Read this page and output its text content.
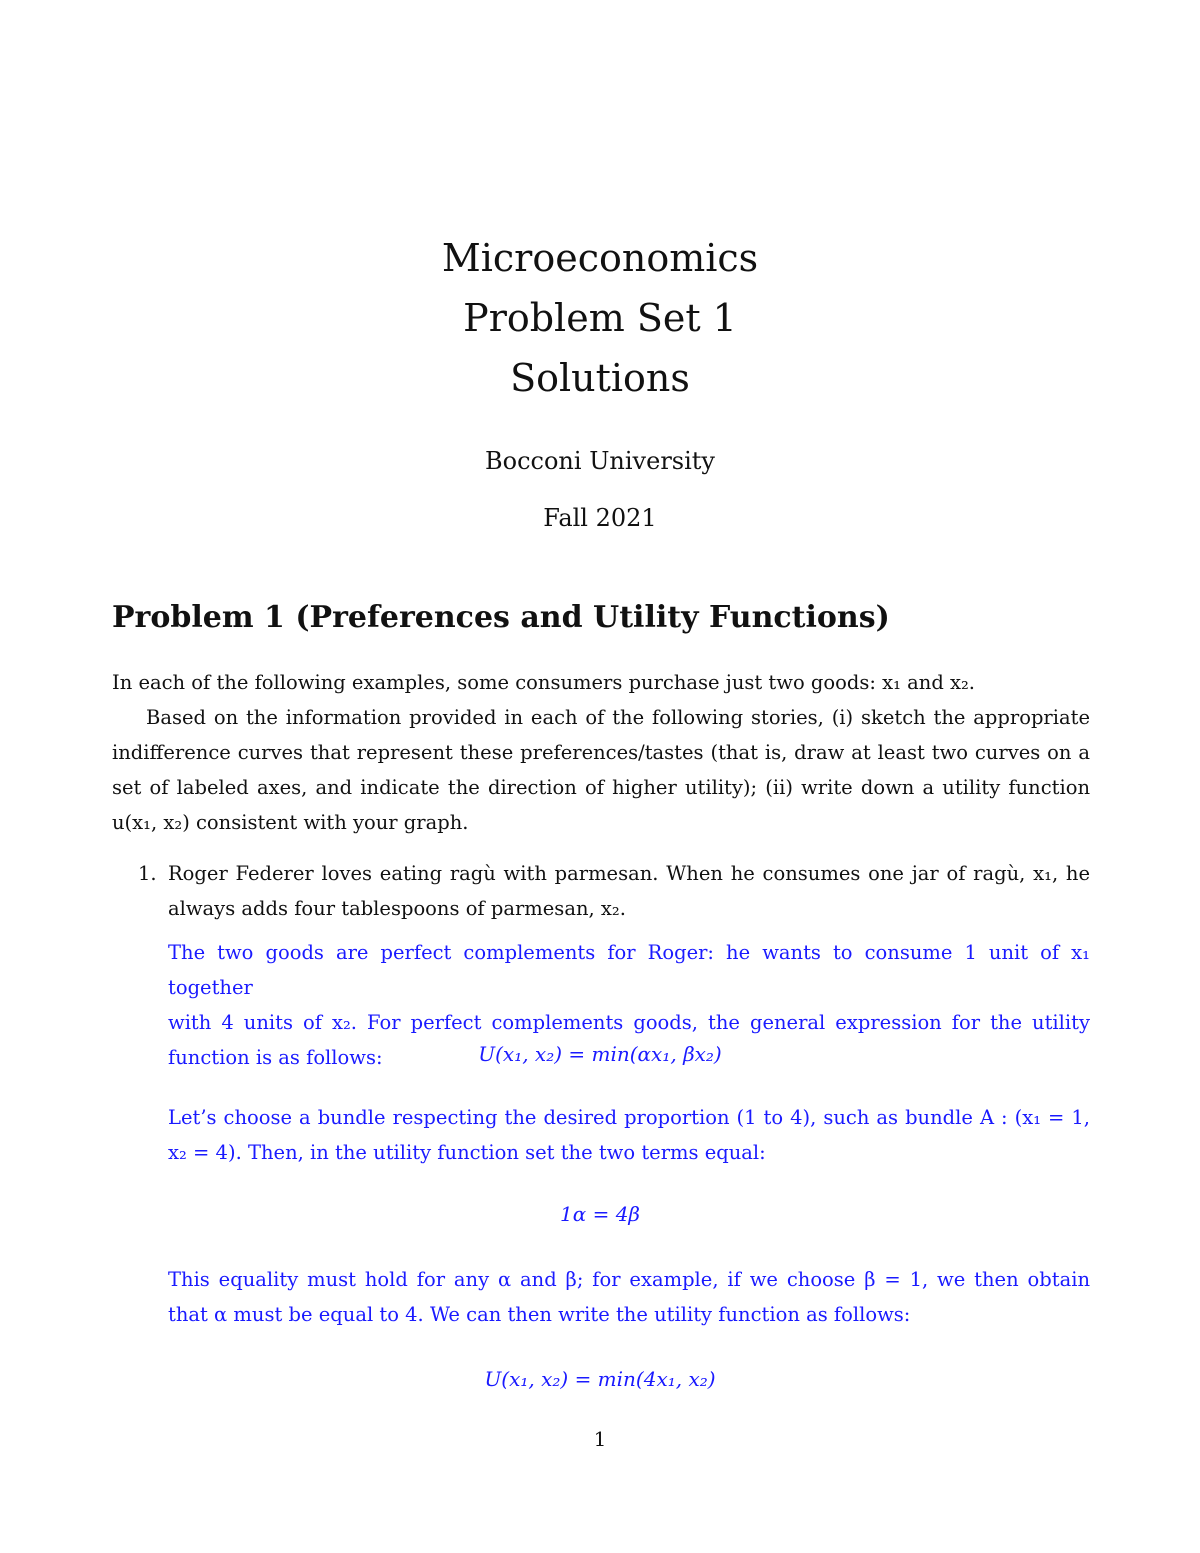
Microeconomics
Problem Set 1
Solutions
Bocconi University
Fall 2021
Problem 1 (Preferences and Utility Functions)
In each of the following examples, some consumers purchase just two goods: x₁ and x₂.
Based on the information provided in each of the following stories, (i) sketch the appropriate
indifference curves that represent these preferences/tastes (that is, draw at least two curves on a
set of labeled axes, and indicate the direction of higher utility); (ii) write down a utility function
u(x₁, x₂) consistent with your graph.
1. Roger Federer loves eating ragù with parmesan. When he consumes one jar of ragù, x₁, he
always adds four tablespoons of parmesan, x₂.
The two goods are perfect complements for Roger: he wants to consume 1 unit of x₁ together
with 4 units of x₂. For perfect complements goods, the general expression for the utility
function is as follows:	U(x₁, x₂) = min(αx₁, βx₂)
Let’s choose a bundle respecting the desired proportion (1 to 4), such as bundle A : (x₁ = 1,
x₂ = 4). Then, in the utility function set the two terms equal:
1α = 4β
This equality must hold for any α and β; for example, if we choose β = 1, we then obtain
that α must be equal to 4. We can then write the utility function as follows:
U(x₁, x₂) = min(4x₁, x₂)
1
